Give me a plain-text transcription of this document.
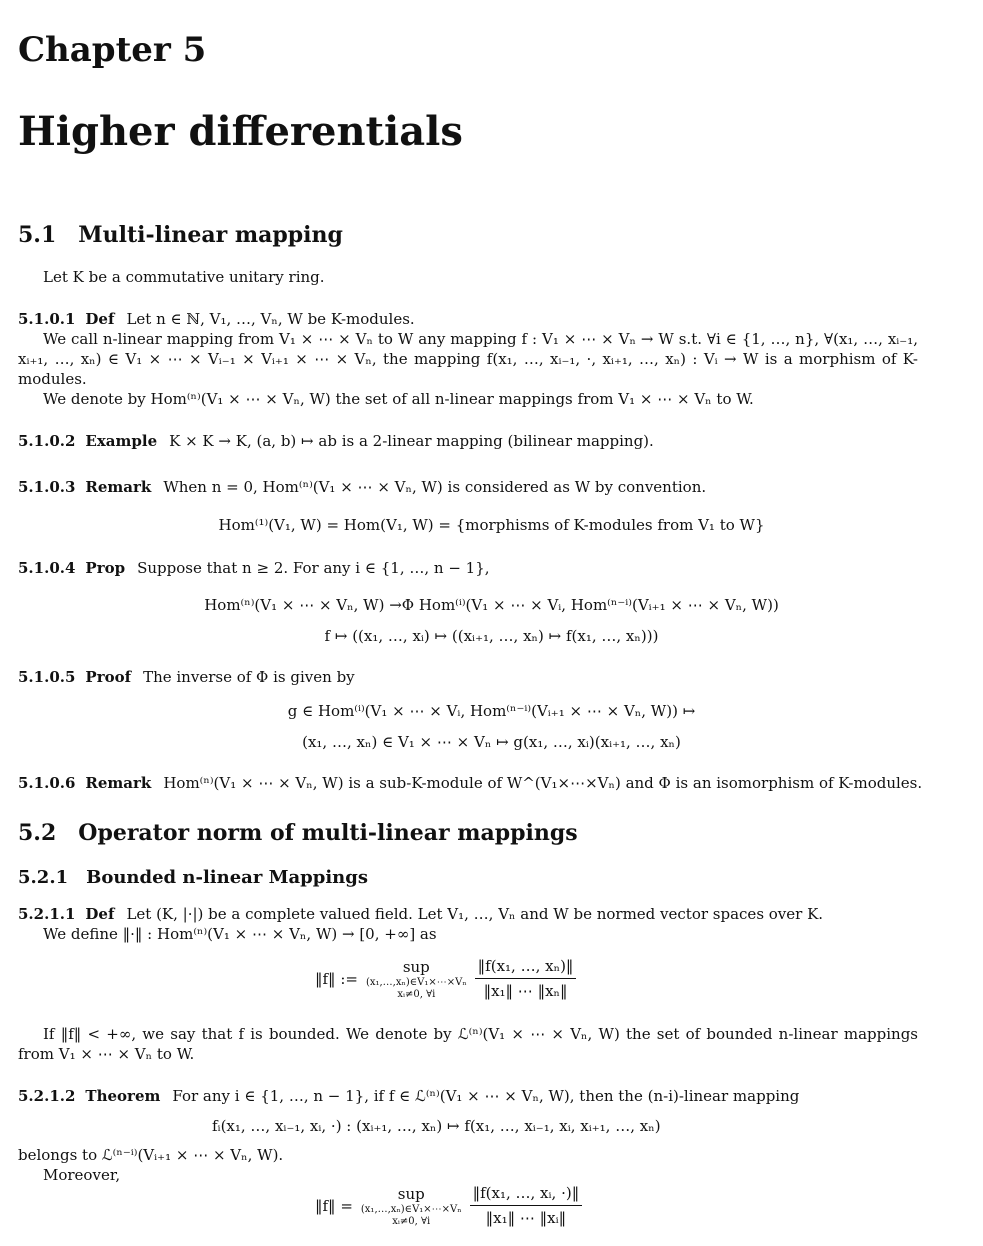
Chapter 5
Higher differentials
5.1 Multi-linear mapping
Let K be a commutative unitary ring.
5.1.0.1 Def Let n ∈ ℕ, V₁, …, Vₙ, W be K-modules.
We call n-linear mapping from V₁ × ⋯ × Vₙ to W any mapping f : V₁ × ⋯ × Vₙ → W s.t. ∀i ∈ {1, …, n}, ∀(x₁, …, xᵢ₋₁, xᵢ₊₁, …, xₙ) ∈ V₁ × ⋯ × Vᵢ₋₁ × Vᵢ₊₁ × ⋯ × Vₙ, the mapping f(x₁, …, xᵢ₋₁, ·, xᵢ₊₁, …, xₙ) : Vᵢ → W is a morphism of K-modules.
We denote by Hom⁽ⁿ⁾(V₁ × ⋯ × Vₙ, W) the set of all n-linear mappings from V₁ × ⋯ × Vₙ to W.
5.1.0.2 Example K × K → K, (a, b) ↦ ab is a 2-linear mapping (bilinear mapping).
5.1.0.3 Remark When n = 0, Hom⁽ⁿ⁾(V₁ × ⋯ × Vₙ, W) is considered as W by convention.
Hom⁽¹⁾(V₁, W) = Hom(V₁, W) = {morphisms of K-modules from V₁ to W}
5.1.0.4 Prop Suppose that n ≥ 2. For any i ∈ {1, …, n − 1},
Hom⁽ⁿ⁾(V₁ × ⋯ × Vₙ, W) →Φ Hom⁽ⁱ⁾(V₁ × ⋯ × Vᵢ, Hom⁽ⁿ⁻ⁱ⁾(Vᵢ₊₁ × ⋯ × Vₙ, W))
f ↦ ((x₁, …, xᵢ) ↦ ((xᵢ₊₁, …, xₙ) ↦ f(x₁, …, xₙ)))
5.1.0.5 Proof The inverse of Φ is given by
g ∈ Hom⁽ⁱ⁾(V₁ × ⋯ × Vᵢ, Hom⁽ⁿ⁻ⁱ⁾(Vᵢ₊₁ × ⋯ × Vₙ, W)) ↦
(x₁, …, xₙ) ∈ V₁ × ⋯ × Vₙ ↦ g(x₁, …, xᵢ)(xᵢ₊₁, …, xₙ)
5.1.0.6 Remark Hom⁽ⁿ⁾(V₁ × ⋯ × Vₙ, W) is a sub-K-module of W^(V₁×⋯×Vₙ) and Φ is an isomorphism of K-modules.
5.2 Operator norm of multi-linear mappings
5.2.1 Bounded n-linear Mappings
5.2.1.1 Def Let (K, |·|) be a complete valued field. Let V₁, …, Vₙ and W be normed vector spaces over K.
We define ‖·‖ : Hom⁽ⁿ⁾(V₁ × ⋯ × Vₙ, W) → [0, +∞] as
‖f‖ :=
sup
(x₁,…,xₙ)∈V₁×⋯×Vₙ
xᵢ≠0, ∀i	$\frac{\text{‖f(x₁, …, xₙ)‖}}{\text{‖x₁‖ ⋯ ‖xₙ‖}}$
If ‖f‖ < +∞, we say that f is bounded. We denote by ℒ⁽ⁿ⁾(V₁ × ⋯ × Vₙ, W) the set of bounded n-linear mappings from V₁ × ⋯ × Vₙ to W.
5.2.1.2 Theorem For any i ∈ {1, …, n − 1}, if f ∈ ℒ⁽ⁿ⁾(V₁ × ⋯ × Vₙ, W), then the (n-i)-linear mapping
fᵢ(x₁, …, xᵢ₋₁, xᵢ, ·) : (xᵢ₊₁, …, xₙ) ↦ f(x₁, …, xᵢ₋₁, xᵢ, xᵢ₊₁, …, xₙ)
belongs to ℒ⁽ⁿ⁻ⁱ⁾(Vᵢ₊₁ × ⋯ × Vₙ, W).
Moreover,
‖f‖ =
sup
(x₁,…,xₙ)∈V₁×⋯×Vₙ
xᵢ≠0, ∀i	$\frac{\text{‖f(x₁, …, xᵢ, ·)‖}}{\text{‖x₁‖ ⋯ ‖xᵢ‖}}$
